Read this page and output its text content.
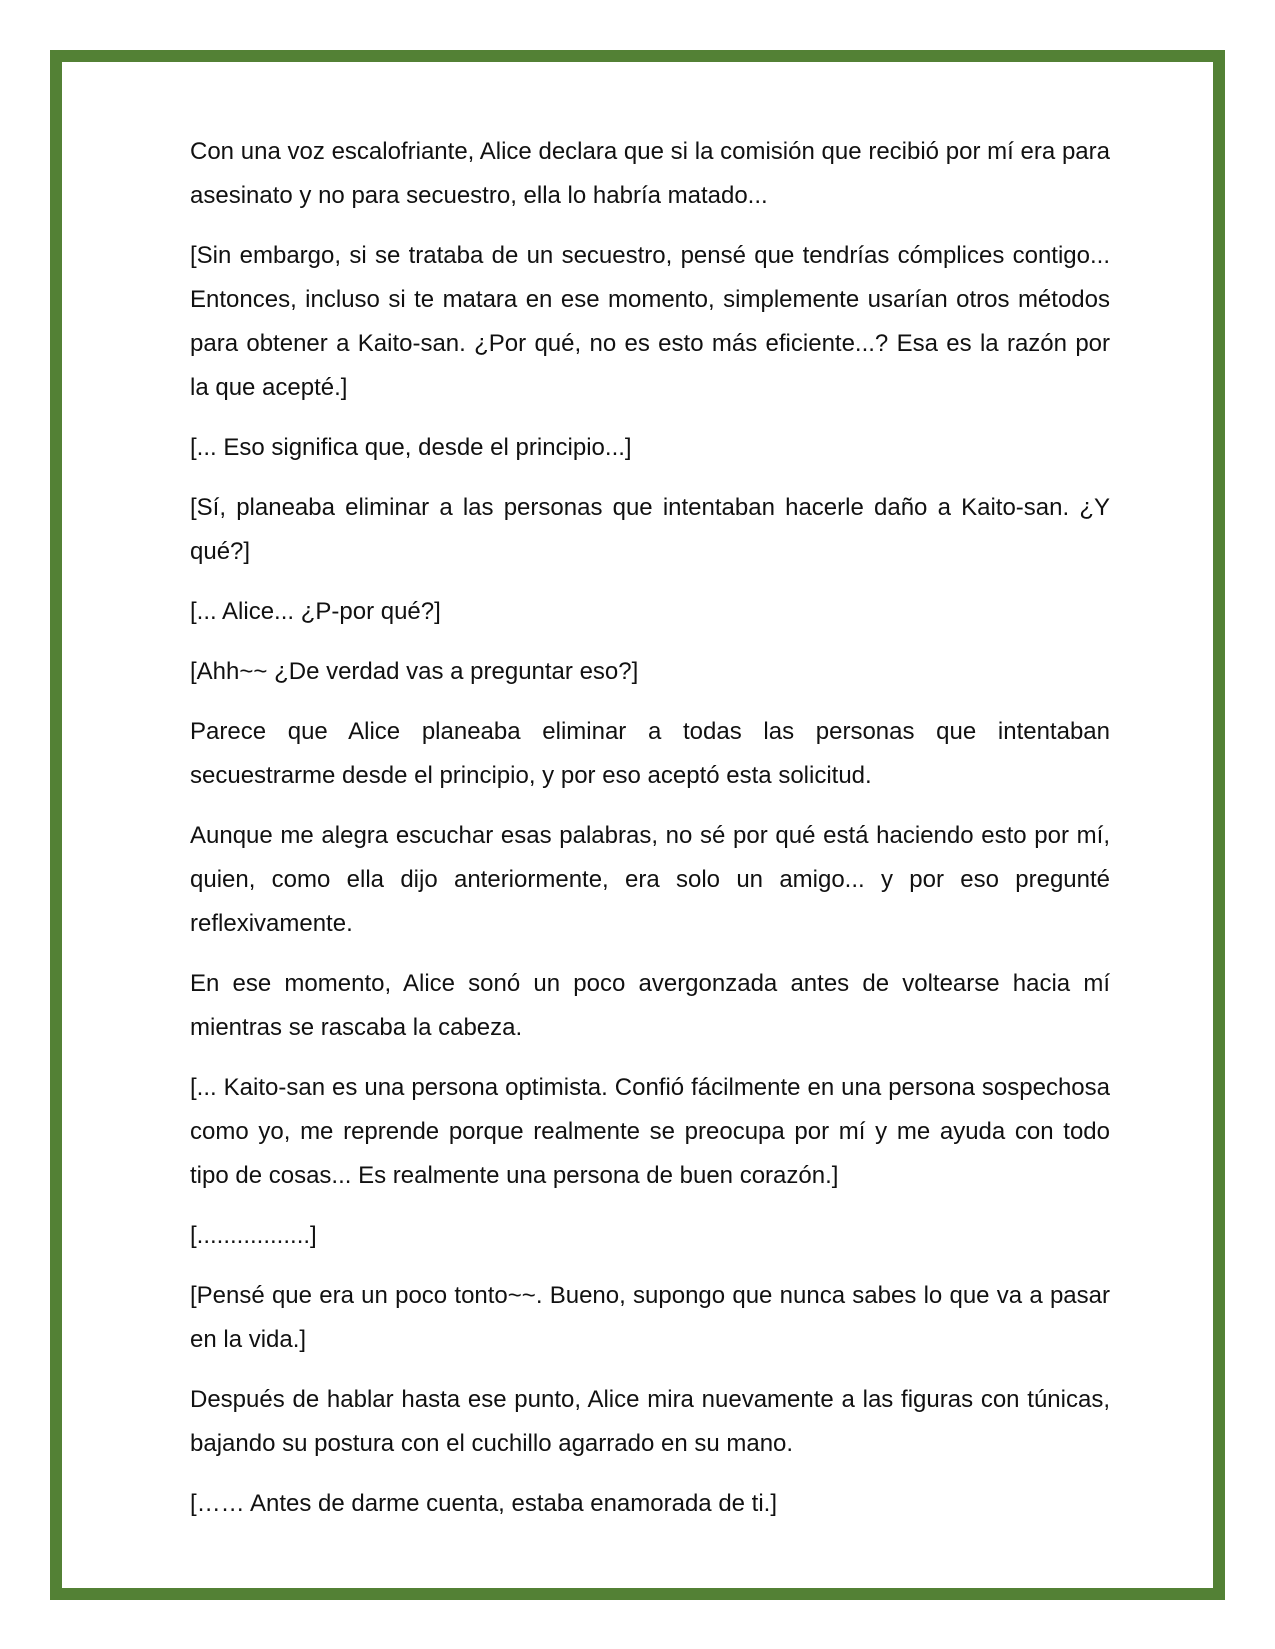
Con una voz escalofriante, Alice declara que si la comisión que recibió por mí era para asesinato y no para secuestro, ella lo habría matado...

[Sin embargo, si se trataba de un secuestro, pensé que tendrías cómplices contigo... Entonces, incluso si te matara en ese momento, simplemente usarían otros métodos para obtener a Kaito-san. ¿Por qué, no es esto más eficiente...? Esa es la razón por la que acepté.]

[... Eso significa que, desde el principio...]

[Sí, planeaba eliminar a las personas que intentaban hacerle daño a Kaito-san. ¿Y qué?]

[... Alice... ¿P-por qué?]

[Ahh~~ ¿De verdad vas a preguntar eso?]

Parece que Alice planeaba eliminar a todas las personas que intentaban secuestrarme desde el principio, y por eso aceptó esta solicitud.

Aunque me alegra escuchar esas palabras, no sé por qué está haciendo esto por mí, quien, como ella dijo anteriormente, era solo un amigo... y por eso pregunté reflexivamente.

En ese momento, Alice sonó un poco avergonzada antes de voltearse hacia mí mientras se rascaba la cabeza.

[... Kaito-san es una persona optimista. Confió fácilmente en una persona sospechosa como yo, me reprende porque realmente se preocupa por mí y me ayuda con todo tipo de cosas... Es realmente una persona de buen corazón.]

[.................]

[Pensé que era un poco tonto~~. Bueno, supongo que nunca sabes lo que va a pasar en la vida.]

Después de hablar hasta ese punto, Alice mira nuevamente a las figuras con túnicas, bajando su postura con el cuchillo agarrado en su mano.

[…… Antes de darme cuenta, estaba enamorada de ti.]
